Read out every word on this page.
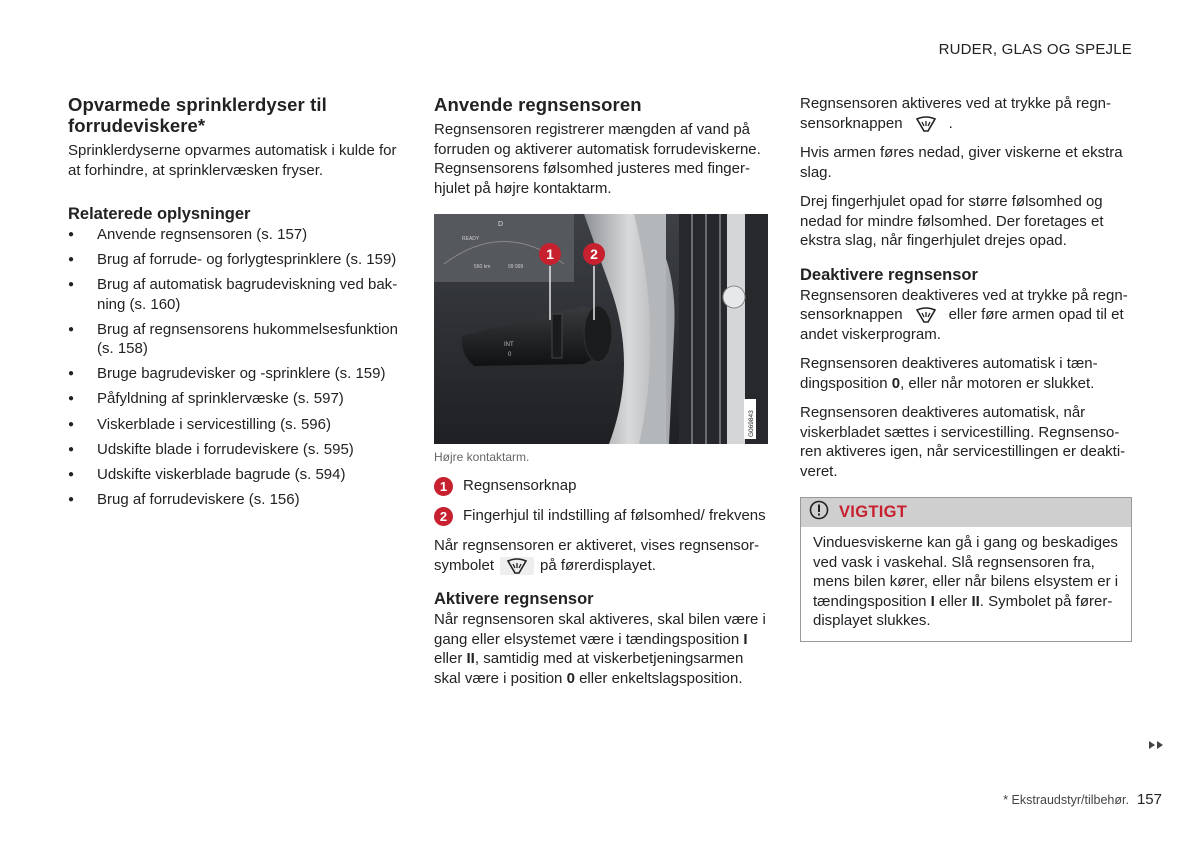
RUDER, GLAS OG SPEJLE
Opvarmede sprinklerdyser til forrudeviskere*

Sprinklerdyserne opvarmes automatisk i kulde for at forhindre, at sprinklervæsken fryser.

Relaterede oplysninger
● Anvende regnsensoren (s. 157)
● Brug af forrude- og forlygtesprinklere (s. 159)
● Brug af automatisk bagrudeviskning ved bakning (s. 160)
● Brug af regnsensorens hukommelsesfunktion (s. 158)
● Bruge bagrudevisker og -sprinklere (s. 159)
● Påfyldning af sprinklervæske (s. 597)
● Viskerblade i servicestilling (s. 596)
● Udskifte blade i forrudeviskere (s. 595)
● Udskifte viskerblade bagrude (s. 594)
● Brug af forrudeviskere (s. 156)
Anvende regnsensoren

Regnsensoren registrerer mængden af vand på forruden og aktiverer automatisk forrudeviskerne. Regnsensorens følsomhed justeres med fingerhjulet på højre kontaktarm.

READY
D
560 km	99 999
INT
0
1	2
G069843
Højre kontaktarm.
1	Regnsensorknap
2	Fingerhjul til indstilling af følsomhed/ frekvens

Når regnsensoren er aktiveret, vises regnsensorsymbolet	på førerdisplayet.

Aktivere regnsensor

Når regnsensoren skal aktiveres, skal bilen være i gang eller elsystemet være i tændingsposition I eller II, samtidig med at viskerbetjeningsarmen skal være i position 0 eller enkeltslagsposition.

Regnsensoren aktiveres ved at trykke på regnsensorknappen	.

Hvis armen føres nedad, giver viskerne et ekstra slag.

Drej fingerhjulet opad for større følsomhed og nedad for mindre følsomhed. Der foretages et ekstra slag, når fingerhjulet drejes opad.

Deaktivere regnsensor

Regnsensoren deaktiveres ved at trykke på regnsensorknappen	eller føre armen opad til et andet viskerprogram.

Regnsensoren deaktiveres automatisk i tændingsposition 0, eller når motoren er slukket.

Regnsensoren deaktiveres automatisk, når viskerbladet sættes i servicestilling. Regnsensoren aktiveres igen, når servicestillingen er deaktiveret.

VIGTIGT
Vinduesviskerne kan gå i gang og beskadiges ved vask i vaskehal. Slå regnsensoren fra, mens bilen kører, eller når bilens elsystem er i tændingsposition I eller II. Symbolet på førerdisplayet slukkes.
* Ekstraudstyr/tilbehør. 157
